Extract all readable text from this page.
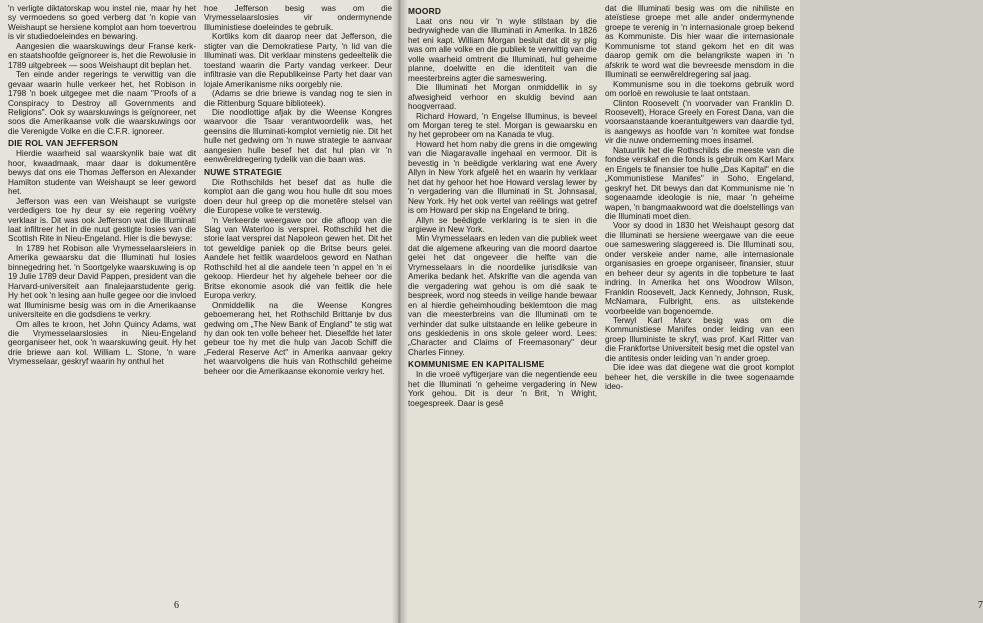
'n verligte diktatorskap wou instel nie, maar hy het sy vermoedens so goed verberg dat 'n kopie van Weishaupt se hersiene komplot aan hom toevertrou is vir studiedoeleindes en bewaring.

Aangesien die waarskuwings deur Franse kerk- en staatshoofde geïgnoreer is, het die Rewolusie in 1789 uitgebreek — soos Weishaupt dit beplan het.

Ten einde ander regerings te verwittig van die gevaar waarin hulle verkeer het, het Robison in 1798 'n boek uitgegee met die naam "Proofs of a Conspiracy to Destroy all Governments and Religions". Ook sy waarskuwings is geïgnoreer, net soos die Amerikaanse volk die waarskuwings oor die Verenigde Volke en die C.F.R. ignoreer.

DIE ROL VAN JEFFERSON

Hierdie waarheid sal waarskynlik baie wat dit hoor, kwaadmaak, maar daar is dokumentêre bewys dat ons eie Thomas Jefferson en Alexander Hamilton studente van Weishaupt se leer geword het.

Jefferson was een van Weishaupt se vurigste verdedigers toe hy deur sy eie regering voëlvry verklaar is. Dit was ook Jefferson wat die Illuminati laat infiltreer het in die nuut gestigte losies van die Scottish Rite in Nieu-Engeland. Hier is die bewyse:

In 1789 het Robison alle Vrymesselaarsleiers in Amerika gewaarsku dat die Illuminati hul losies binnegedring het. 'n Soortgelyke waarskuwing is op 19 Julie 1789 deur David Pappen, president van die Harvard-universiteit aan finalejaarstudente gerig. Hy het ook 'n lesing aan hulle gegee oor die invloed wat Illuminisme besig was om in die Amerikaanse universiteite en die godsdiens te verkry.

Om alles te kroon, het John Quincy Adams, wat die Vrymesselaarslosies in Nieu-Engeland georganiseer het, ook 'n waarskuwing geuit. Hy het drie briewe aan kol. William L. Stone, 'n ware Vrymesselaar, geskryf waarin hy onthul het

hoe Jefferson besig was om die Vrymesselaarslosies vir ondermynende Illuministiese doeleindes te gebruik.

Kortliks kom dit daarop neer dat Jefferson, die stigter van die Demokratiese Party, 'n lid van die Illuminati was. Dit verklaar minstens gedeeltelik die toestand waarin die Party vandag verkeer. Deur infiltrasie van die Republikeinse Party het daar van lojale Amerikanisme niks oorgebly nie.

(Adams se drie briewe is vandag nog te sien in die Rittenburg Square biblioteek).

Die noodlottige afjak by die Weense Kongres waarvoor die Tsaar verantwoordelik was, het geensins die Illuminati-komplot vernietig nie. Dit het hulle net gedwing om 'n nuwe strategie te aanvaar aangesien hulle besef het dat hul plan vir 'n eenwêreldregering tydelik van die baan was.

NUWE STRATEGIE

Die Rothschilds het besef dat as hulle die komplot aan die gang wou hou hulle dit sou moes doen deur hul greep op die monetêre stelsel van die Europese volke te verstewig.

'n Verkeerde weergawe oor die afloop van die Slag van Waterloo is versprei. Rothschild het die storie laat versprei dat Napoleon gewen het. Dit het tot geweldige paniek op die Britse beurs gelei. Aandele het feitlik waardeloos geword en Nathan Rothschild het al die aandele teen 'n appel en 'n ei gekoop. Hierdeur het hy algehele beheer oor die Britse ekonomie asook dié van feitlik die hele Europa verkry.

Onmiddellik na die Weense Kongres geboemerang het, het Rothschild Brittanje bv dus gedwing om „The New Bank of England" te stig wat hy dan ook ten volle beheer het. Dieselfde het later gebeur toe hy met die hulp van Jacob Schiff die „Federal Reserve Act" in Amerika aanvaar gekry het waarvolgens die huis van Rothschild geheime beheer oor die Amerikaanse ekonomie verkry het.

6
MOORD

Laat ons nou vir 'n wyle stilstaan by die bedrywighede van die Illuminati in Amerika. In 1826 het eni kapt. William Morgan besluit dat dit sy plig was om alle volke en die publiek te verwittig van die volle waarheid omtrent die Illuminati, hul geheime planne, doelwitte en die identiteit van die meesterbreins agter die sameswering.

Die Illuminati het Morgan onmiddellik in sy afwesigheid verhoor en skuldig bevind aan hoogverraad.

Richard Howard, 'n Engelse Illuminus, is beveel om Morgan tereg te stel. Morgan is gewaarsku en hy het geprobeer om na Kanada te vlug.

Howard het hom naby die grens in die omgewing van die Niagaravalle ingehaal en vermoor. Dit is bevestig in 'n beëdigde verklaring wat ene Avery Allyn in New York afgelê het en waarin hy verklaar het dat hy gehoor het hoe Howard verslag lewer by 'n vergadering van die Illuminati in St. Johnsasal, New York. Hy het ook vertel van reëlings wat getref is om Howard per skip na Engeland te bring.

Allyn se beëdigde verklaring is te sien in die argiewe in New York.

Min Vrymesselaars en leden van die publiek weet dat die algemene afkeuring van die moord daartoe gelei het dat ongeveer die helfte van die Vrymesselaars in die noordelike jurisdiksie van Amerika bedank het. Afskrifte van die agenda van die vergadering wat gehou is om dié saak te bespreek, word nog steeds in veilige hande bewaar en al hierdie geheimhouding beklemtoon die mag van die meesterbreins van die Illuminati om te verhinder dat sulke uitstaande en lelike gebeure in ons geskiedenis in ons skole geleer word. Lees: „Character and Claims of Freemasonary" deur Charles Finney.

KOMMUNISME EN KAPITALISME

In die vroeë vyftigerjare van die negentiende eeu het die Illuminati 'n geheime vergadering in New York gehou. Dit is deur 'n Brit, 'n Wright, toegespreek. Daar is gesê

dat die Illuminati besig was om die nihiliste en ateïstiese groepe met alle ander ondermynende groepe te verenig in 'n internasionale groep bekend as Kommuniste. Dis hier waar die internasionale Kommunisme tot stand gekom het en dit was daarop gemik om die belangrikste wapen in 'n afskrik te word wat die bevreesde mensdom in die Illuminati se eenwêreldregering sal jaag.

Kommunisme sou in die toekoms gebruik word om oorloë en rewolusie te laat ontstaan.

Clinton Roosevelt ('n voorvader van Franklin D. Roosevelt), Horace Greely en Forest Dana, van die voorsaanstaande koerantuitgewers van daardie tyd, is aangewys as hoofde van 'n komitee wat fondse vir die nuwe onderneming moes insamel.

Natuurlik het die Rothschilds die meeste van die fondse verskaf en die fonds is gebruik om Karl Marx en Engels te finansier toe hulle „Das Kapital" en die „Kommunistiese Manifes" in Soho, Engeland, geskryf het. Dit bewys dan dat Kommunisme nie 'n sogenaamde ideologie is nie, maar 'n geheime wapen, 'n bangmaakwoord wat die doelstellings van die Illuminati moet dien.

Voor sy dood in 1830 het Weishaupt gesorg dat die Illuminati se hersiene weergawe van die eeue oue sameswering slaggereed is. Die Illuminati sou, onder verskeie ander name, alle internasionale organisasies en groepe organiseer, finansier, stuur en beheer deur sy agents in die topbeture te laat indring. In Amerika het ons Woodrow Wilson, Franklin Roosevelt, Jack Kennedy, Johnson, Rusk, McNamara, Fulbright, ens. as uitstekende voorbeelde van bogenoemde.

Terwyl Karl Marx besig was om die Kommunistiese Manifes onder leiding van een groep Illuministe te skryf, was prof. Karl Ritter van die Frankfortse Universiteit besig met die opstel van die antitesis onder leiding van 'n ander groep.

Die idee was dat diegene wat die groot komplot beheer het, die verskille in die twee sogenaamde ideo-

7
